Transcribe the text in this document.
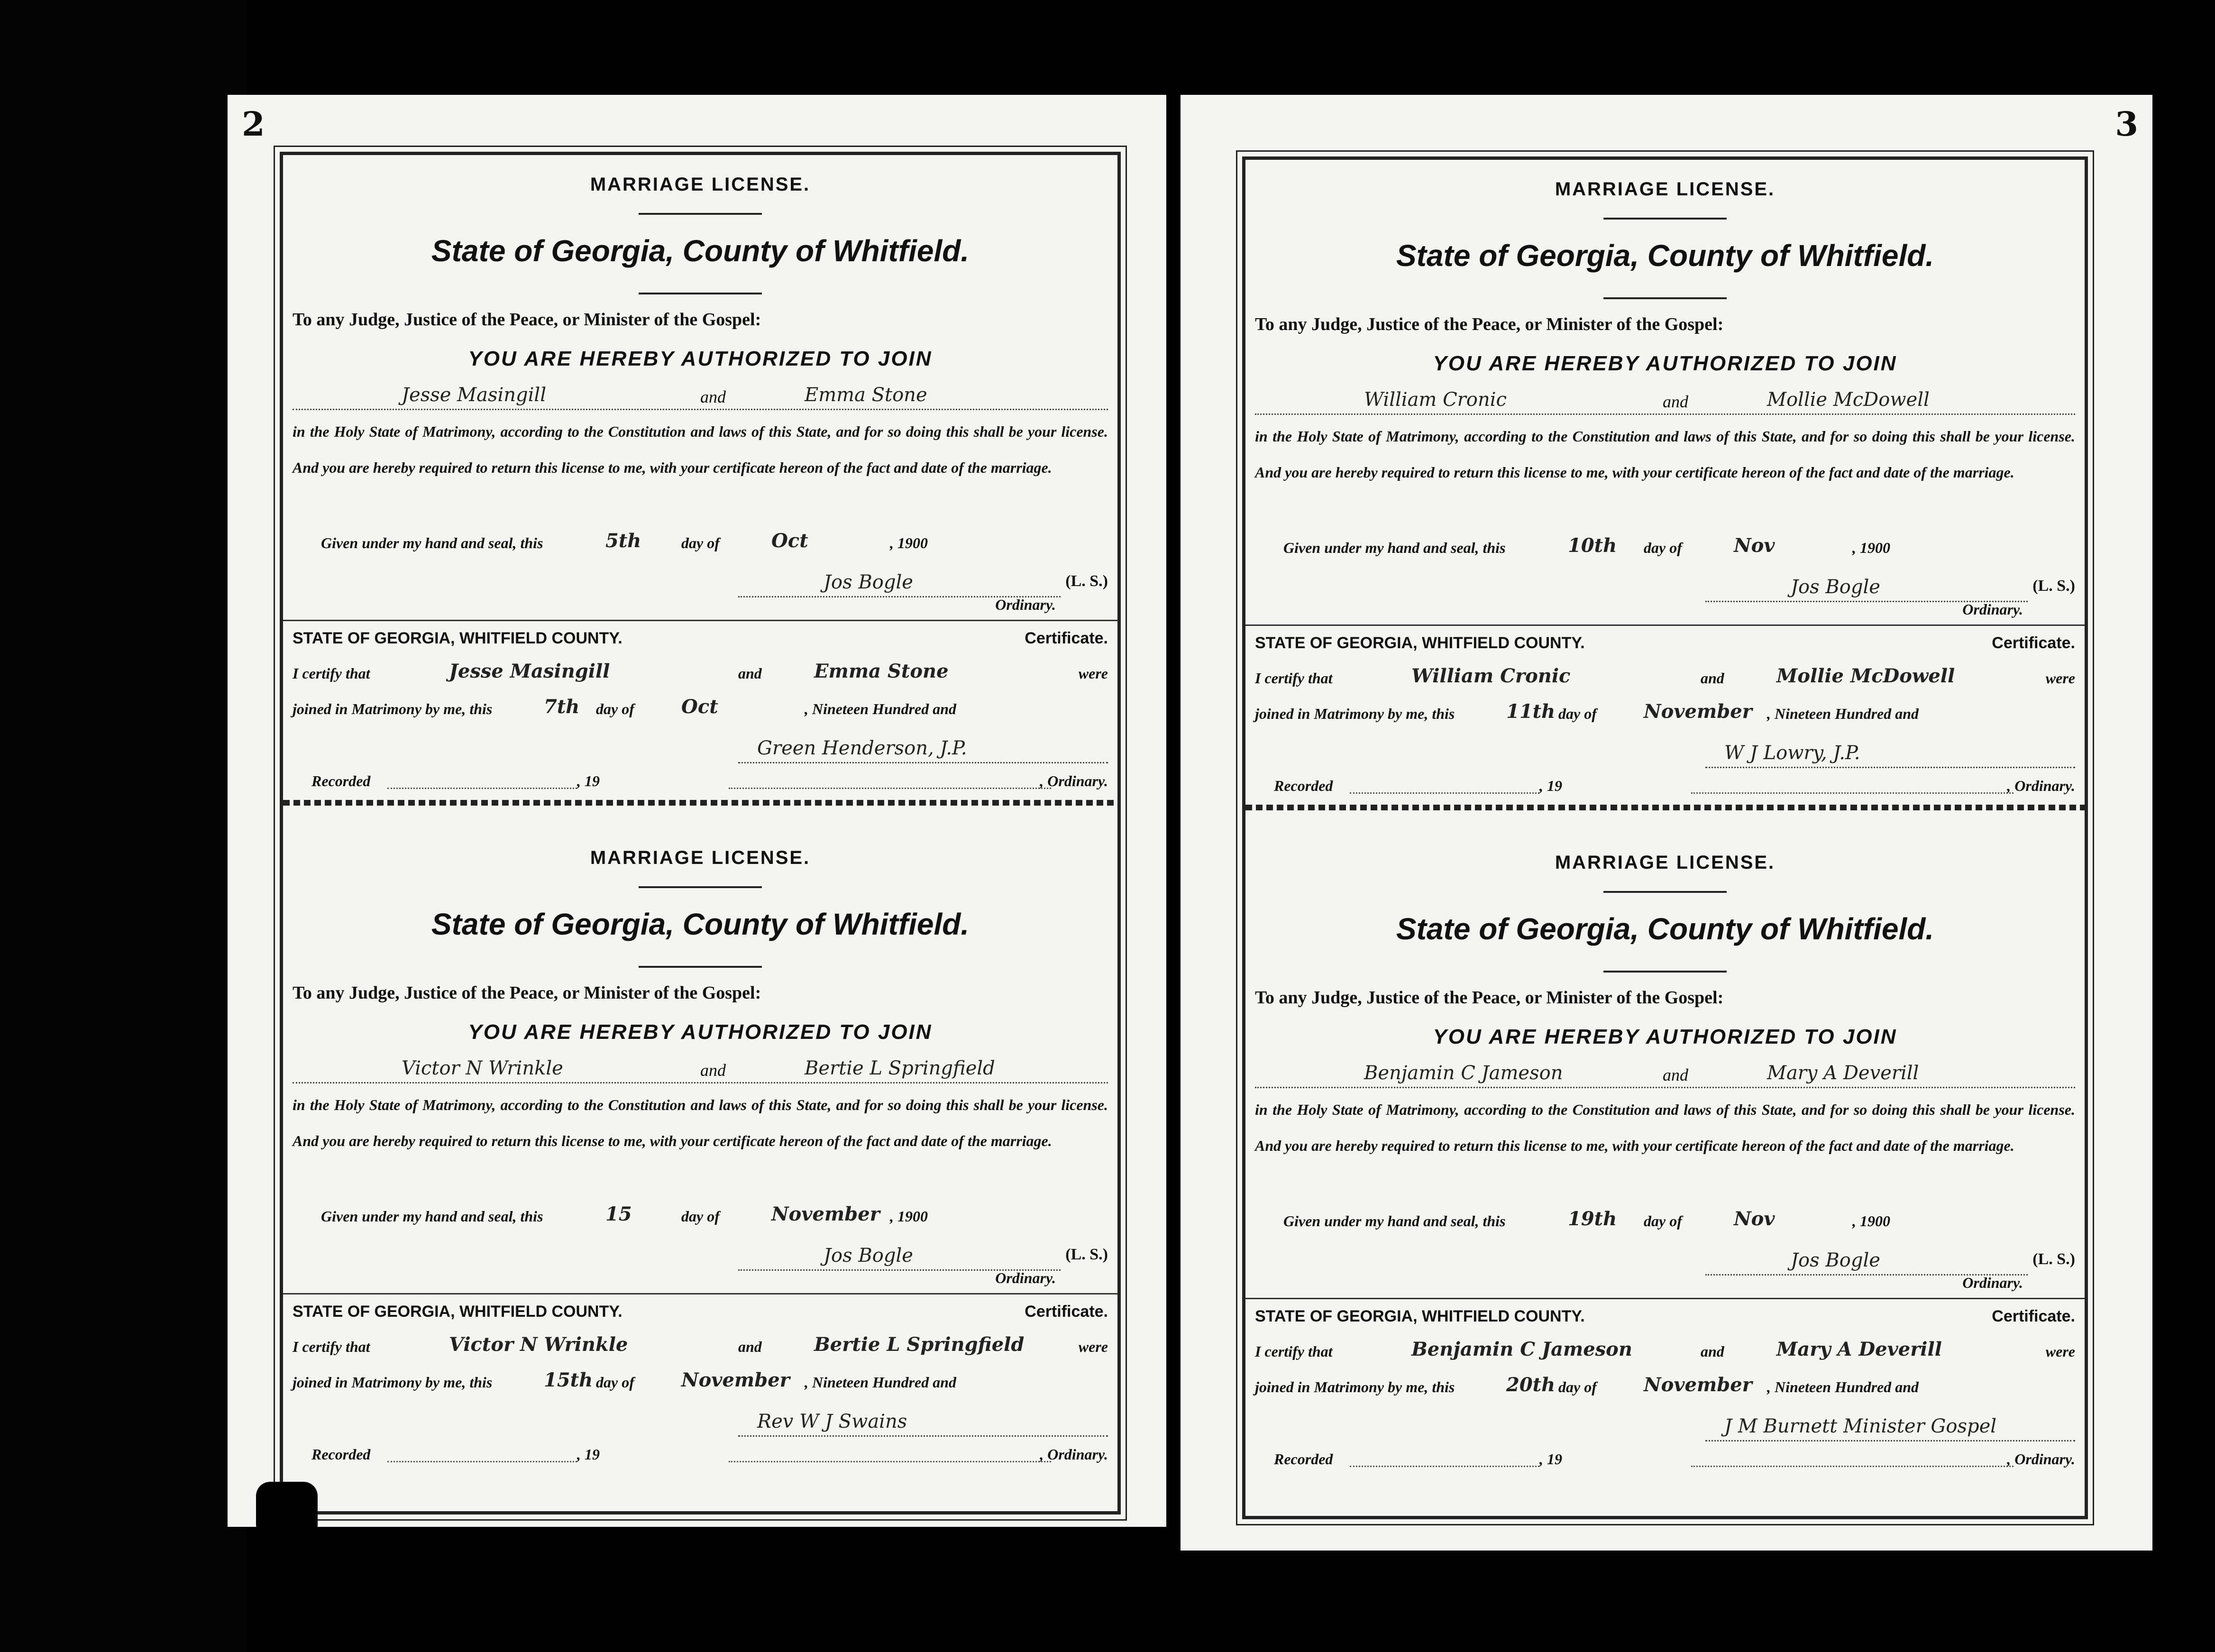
2
MARRIAGE LICENSE.
State of Georgia, County of Whitfield.
To any Judge, Justice of the Peace, or Minister of the Gospel:
YOU ARE HEREBY AUTHORIZED TO JOIN
Jesse Masingill	and	Emma Stone
in the Holy State of Matrimony, according to the Constitution and laws of this State, and for so doing this shall be your license. And you are hereby required to return this license to me, with your certificate hereon of the fact and date of the marriage.
Given under my hand and seal, this	5th	day of	Oct	, 1900
Jos Bogle	(L. S.)
Ordinary.
STATE OF GEORGIA, WHITFIELD COUNTY.	Certificate.
I certify that	Jesse Masingill	and	Emma Stone	were
joined in Matrimony by me, this	7th day of Oct	, Nineteen Hundred and
Green Henderson, J.P.
Recorded	, 19	, Ordinary.
MARRIAGE LICENSE.
State of Georgia, County of Whitfield.
To any Judge, Justice of the Peace, or Minister of the Gospel:
YOU ARE HEREBY AUTHORIZED TO JOIN
Victor N Wrinkle	and	Bertie L Springfield
in the Holy State of Matrimony, according to the Constitution and laws of this State, and for so doing this shall be your license. And you are hereby required to return this license to me, with your certificate hereon of the fact and date of the marriage.
Given under my hand and seal, this	15	day of	November , 1900
Jos Bogle	(L. S.)
Ordinary.
STATE OF GEORGIA, WHITFIELD COUNTY.	Certificate.
I certify that	Victor N Wrinkle	and	Bertie L Springfield	were
joined in Matrimony by me, this	15th day of November , Nineteen Hundred and
Rev W J Swains
Recorded	, 19	, Ordinary.
3
MARRIAGE LICENSE.
State of Georgia, County of Whitfield.
To any Judge, Justice of the Peace, or Minister of the Gospel:
YOU ARE HEREBY AUTHORIZED TO JOIN
William Cronic	and	Mollie McDowell
in the Holy State of Matrimony, according to the Constitution and laws of this State, and for so doing this shall be your license. And you are hereby required to return this license to me, with your certificate hereon of the fact and date of the marriage.
Given under my hand and seal, this	10th day of	Nov	, 1900
Jos Bogle	(L. S.)
Ordinary.
STATE OF GEORGIA, WHITFIELD COUNTY.	Certificate.
I certify that	William Cronic	and	Mollie McDowell	were
joined in Matrimony by me, this	11th day of November , Nineteen Hundred and
W J Lowry, J.P.
Recorded	, 19	, Ordinary.
MARRIAGE LICENSE.
State of Georgia, County of Whitfield.
To any Judge, Justice of the Peace, or Minister of the Gospel:
YOU ARE HEREBY AUTHORIZED TO JOIN
Benjamin C Jameson	and	Mary A Deverill
in the Holy State of Matrimony, according to the Constitution and laws of this State, and for so doing this shall be your license. And you are hereby required to return this license to me, with your certificate hereon of the fact and date of the marriage.
Given under my hand and seal, this	19th day of	Nov	, 1900
Jos Bogle	(L. S.)
Ordinary.
STATE OF GEORGIA, WHITFIELD COUNTY.	Certificate.
I certify that	Benjamin C Jameson	and	Mary A Deverill	were
joined in Matrimony by me, this	20th day of November , Nineteen Hundred and
J M Burnett Minister Gospel
Recorded	, 19	, Ordinary.
